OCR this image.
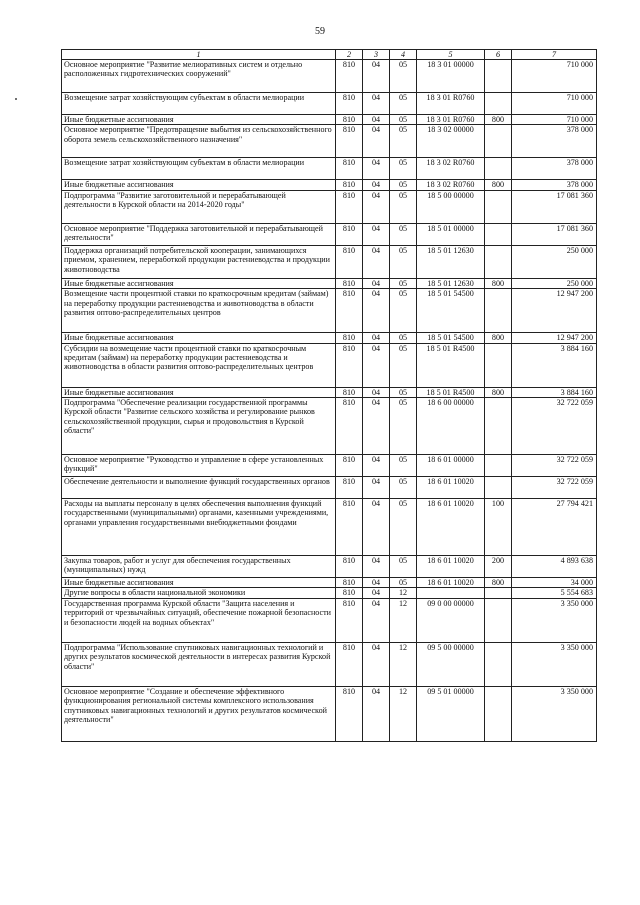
59
1	2	3	4	5	6	7
Основное мероприятие "Развитие мелиоративных систем и отдельно расположенных гидротехнических сооружений"	810	04	05	18 3 01 00000		710 000
Возмещение затрат хозяйствующим субъектам в области мелиорации	810	04	05	18 3 01 R0760		710 000
Иные бюджетные ассигнования	810	04	05	18 3 01 R0760	800	710 000
Основное мероприятие "Предотвращение выбытия из сельскохозяйственного оборота земель сельскохозяйственного назначения"	810	04	05	18 3 02 00000		378 000
Возмещение затрат хозяйствующим субъектам в области мелиорации	810	04	05	18 3 02 R0760		378 000
Иные бюджетные ассигнования	810	04	05	18 3 02 R0760	800	378 000
Подпрограмма "Развитие заготовительной и перерабатывающей деятельности в Курской области на 2014-2020 годы"	810	04	05	18 5 00 00000		17 081 360
Основное мероприятие "Поддержка заготовительной и перерабатывающей деятельности"	810	04	05	18 5 01 00000		17 081 360
Поддержка организаций потребительской кооперации, занимающихся приемом, хранением, переработкой продукции растениеводства и продукции животноводства	810	04	05	18 5 01 12630		250 000
Иные бюджетные ассигнования	810	04	05	18 5 01 12630	800	250 000
Возмещение части процентной ставки по краткосрочным кредитам (займам) на переработку продукции растениеводства и животноводства в области развития оптово-распределительных центров	810	04	05	18 5 01 54500		12 947 200
Иные бюджетные ассигнования	810	04	05	18 5 01 54500	800	12 947 200
Субсидии на возмещение части процентной ставки по краткосрочным кредитам (займам) на переработку продукции растениеводства и животноводства в области развития оптово-распределительных центров	810	04	05	18 5 01 R4500		3 884 160
Иные бюджетные ассигнования	810	04	05	18 5 01 R4500	800	3 884 160
Подпрограмма "Обеспечение реализации государственной программы Курской области "Развитие сельского хозяйства и регулирование рынков сельскохозяйственной продукции, сырья и продовольствия в Курской области"	810	04	05	18 6 00 00000		32 722 059
Основное мероприятие "Руководство и управление в сфере установленных функций"	810	04	05	18 6 01 00000		32 722 059
Обеспечение деятельности и выполнение функций государственных органов	810	04	05	18 6 01 10020		32 722 059
Расходы на выплаты персоналу в целях обеспечения выполнения функций государственными (муниципальными) органами, казенными учреждениями, органами управления государственными внебюджетными фондами	810	04	05	18 6 01 10020	100	27 794 421
Закупка товаров, работ и услуг для обеспечения государственных (муниципальных) нужд	810	04	05	18 6 01 10020	200	4 893 638
Иные бюджетные ассигнования	810	04	05	18 6 01 10020	800	34 000
Другие вопросы в области национальной экономики	810	04	12			5 554 683
Государственная программа Курской области "Защита населения и территорий от чрезвычайных ситуаций, обеспечение пожарной безопасности и безопасности людей на водных объектах"	810	04	12	09 0 00 00000		3 350 000
Подпрограмма "Использование спутниковых навигационных технологий и других результатов космической деятельности в интересах развития Курской области"	810	04	12	09 5 00 00000		3 350 000
Основное мероприятие "Создание и обеспечение эффективного функционирования региональной системы комплексного использования спутниковых навигационных технологий и других результатов космической деятельности"	810	04	12	09 5 01 00000		3 350 000
